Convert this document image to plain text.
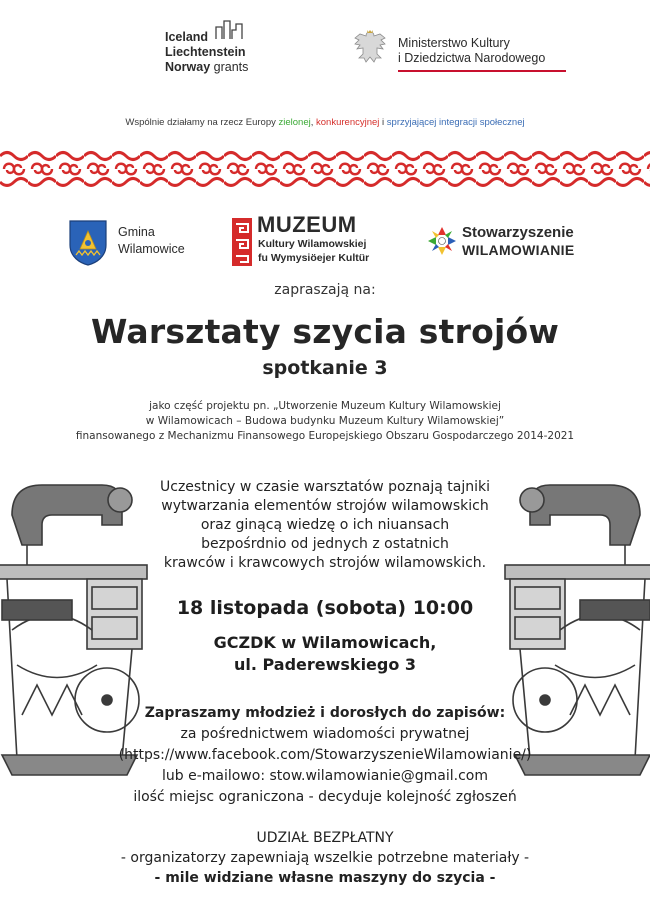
Iceland
Liechtenstein
Norway grants
Ministerstwo Kultury
i Dziedzictwa Narodowego
Wspólnie działamy na rzecz Europy zielonej, konkurencyjnej i sprzyjającej integracji społecznej
Gmina
Wilamowice
MUZEUM
Kultury Wilamowskiej
fu Wymysiöejer Kultür
Stowarzyszenie
WILAMOWIANIE
zapraszają na:
Warsztaty szycia strojów
spotkanie 3
jako część projektu pn. „Utworzenie Muzeum Kultury Wilamowskiej
w Wilamowicach – Budowa budynku Muzeum Kultury Wilamowskiej”
finansowanego z Mechanizmu Finansowego Europejskiego Obszaru Gospodarczego 2014-2021
Uczestnicy w czasie warsztatów poznają tajniki
wytwarzania elementów strojów wilamowskich
oraz ginącą wiedzę o ich niuansach
bezpośrdnio od jednych z ostatnich
krawców i krawcowych strojów wilamowskich.
18 listopada (sobota) 10:00
GCZDK w Wilamowicach,
ul. Paderewskiego 3
Zapraszamy młodzież i dorosłych do zapisów:
za pośrednictwem wiadomości prywatnej
(https://www.facebook.com/StowarzyszenieWilamowianie/)
lub e-mailowo: stow.wilamowianie@gmail.com
ilość miejsc ograniczona - decyduje kolejność zgłoszeń
UDZIAŁ BEZPŁATNY
- organizatorzy zapewniają wszelkie potrzebne materiały -
- mile widziane własne maszyny do szycia -
